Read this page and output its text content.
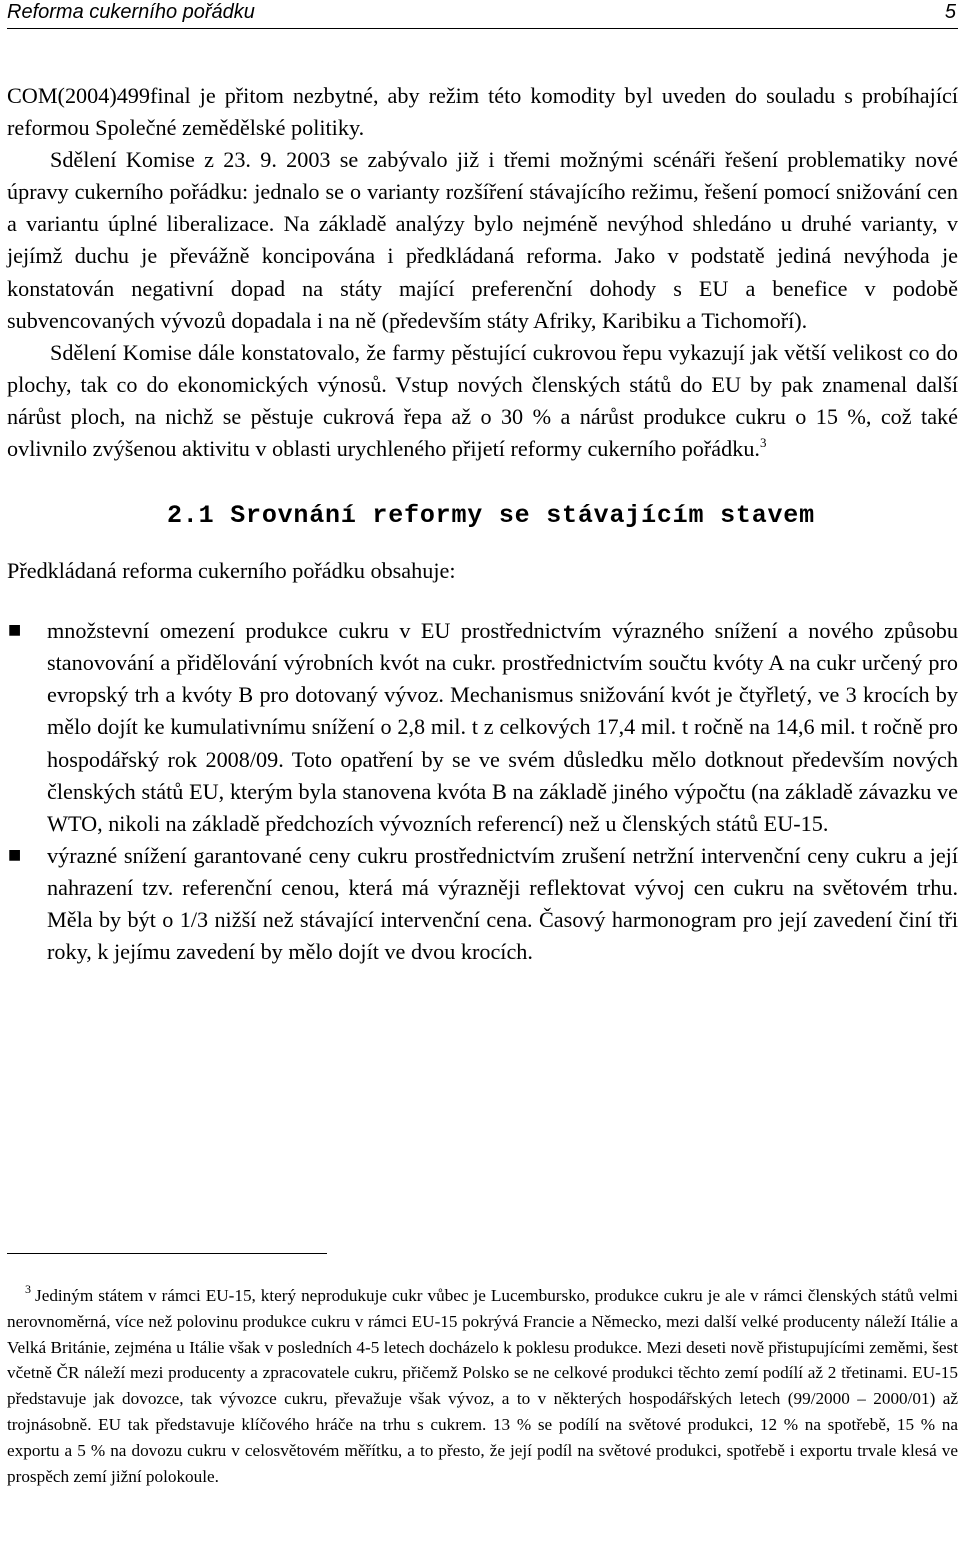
Reforma cukerního pořádku	5

COM(2004)499final je přitom nezbytné, aby režim této komodity byl uveden do souladu s probíhající reformou Společné zemědělské politiky.

Sdělení Komise z 23. 9. 2003 se zabývalo již i třemi možnými scénáři řešení problematiky nové úpravy cukerního pořádku: jednalo se o varianty rozšíření stávajícího režimu, řešení pomocí snižování cen a variantu úplné liberalizace. Na základě analýzy bylo nejméně nevýhod shledáno u druhé varianty, v jejímž duchu je převážně koncipována i předkládaná reforma. Jako v podstatě jediná nevýhoda je konstatován negativní dopad na státy mající preferenční dohody s EU a benefice v podobě subvencovaných vývozů dopadala i na ně (především státy Afriky, Karibiku a Tichomoří).

Sdělení Komise dále konstatovalo, že farmy pěstující cukrovou řepu vykazují jak větší velikost co do plochy, tak co do ekonomických výnosů. Vstup nových členských států do EU by pak znamenal další nárůst ploch, na nichž se pěstuje cukrová řepa až o 30 % a nárůst produkce cukru o 15 %, což také ovlivnilo zvýšenou aktivitu v oblasti urychleného přijetí reformy cukerního pořádku.$^3$

2.1 Srovnání reformy se stávajícím stavem

Předkládaná reforma cukerního pořádku obsahuje:

■ množstevní omezení produkce cukru v EU prostřednictvím výrazného snížení a nového způsobu stanovování a přidělování výrobních kvót na cukr. prostřednictvím součtu kvóty A na cukr určený pro evropský trh a kvóty B pro dotovaný vývoz. Mechanismus snižování kvót je čtyřletý, ve 3 krocích by mělo dojít ke kumulativnímu snížení o 2,8 mil. t z celkových 17,4 mil. t ročně na 14,6 mil. t ročně pro hospodářský rok 2008/09. Toto opatření by se ve svém důsledku mělo dotknout především nových členských států EU, kterým byla stanovena kvóta B na základě jiného výpočtu (na základě závazku ve WTO, nikoli na základě předchozích vývozních referencí) než u členských států EU-15.
■ výrazné snížení garantované ceny cukru prostřednictvím zrušení netržní intervenční ceny cukru a její nahrazení tzv. referenční cenou, která má výrazněji reflektovat vývoj cen cukru na světovém trhu. Měla by být o 1/3 nižší než stávající intervenční cena. Časový harmonogram pro její zavedení činí tři roky, k jejímu zavedení by mělo dojít ve dvou krocích.

$^3$ Jediným státem v rámci EU-15, který neprodukuje cukr vůbec je Lucembursko, produkce cukru je ale v rámci členských států velmi nerovnoměrná, více než polovinu produkce cukru v rámci EU-15 pokrývá Francie a Německo, mezi další velké producenty náleží Itálie a Velká Británie, zejména u Itálie však v posledních 4-5 letech docházelo k poklesu produkce. Mezi deseti nově přistupujícími zeměmi, šest včetně ČR náleží mezi producenty a zpracovatele cukru, přičemž Polsko se ne celkové produkci těchto zemí podílí až 2 třetinami. EU-15 představuje jak dovozce, tak vývozce cukru, převažuje však vývoz, a to v některých hospodářských letech (99/2000 – 2000/01) až trojnásobně. EU tak představuje klíčového hráče na trhu s cukrem. 13 % se podílí na světové produkci, 12 % na spotřebě, 15 % na exportu a 5 % na dovozu cukru v celosvětovém měřítku, a to přesto, že její podíl na světové produkci, spotřebě i exportu trvale klesá ve prospěch zemí jižní polokoule.
